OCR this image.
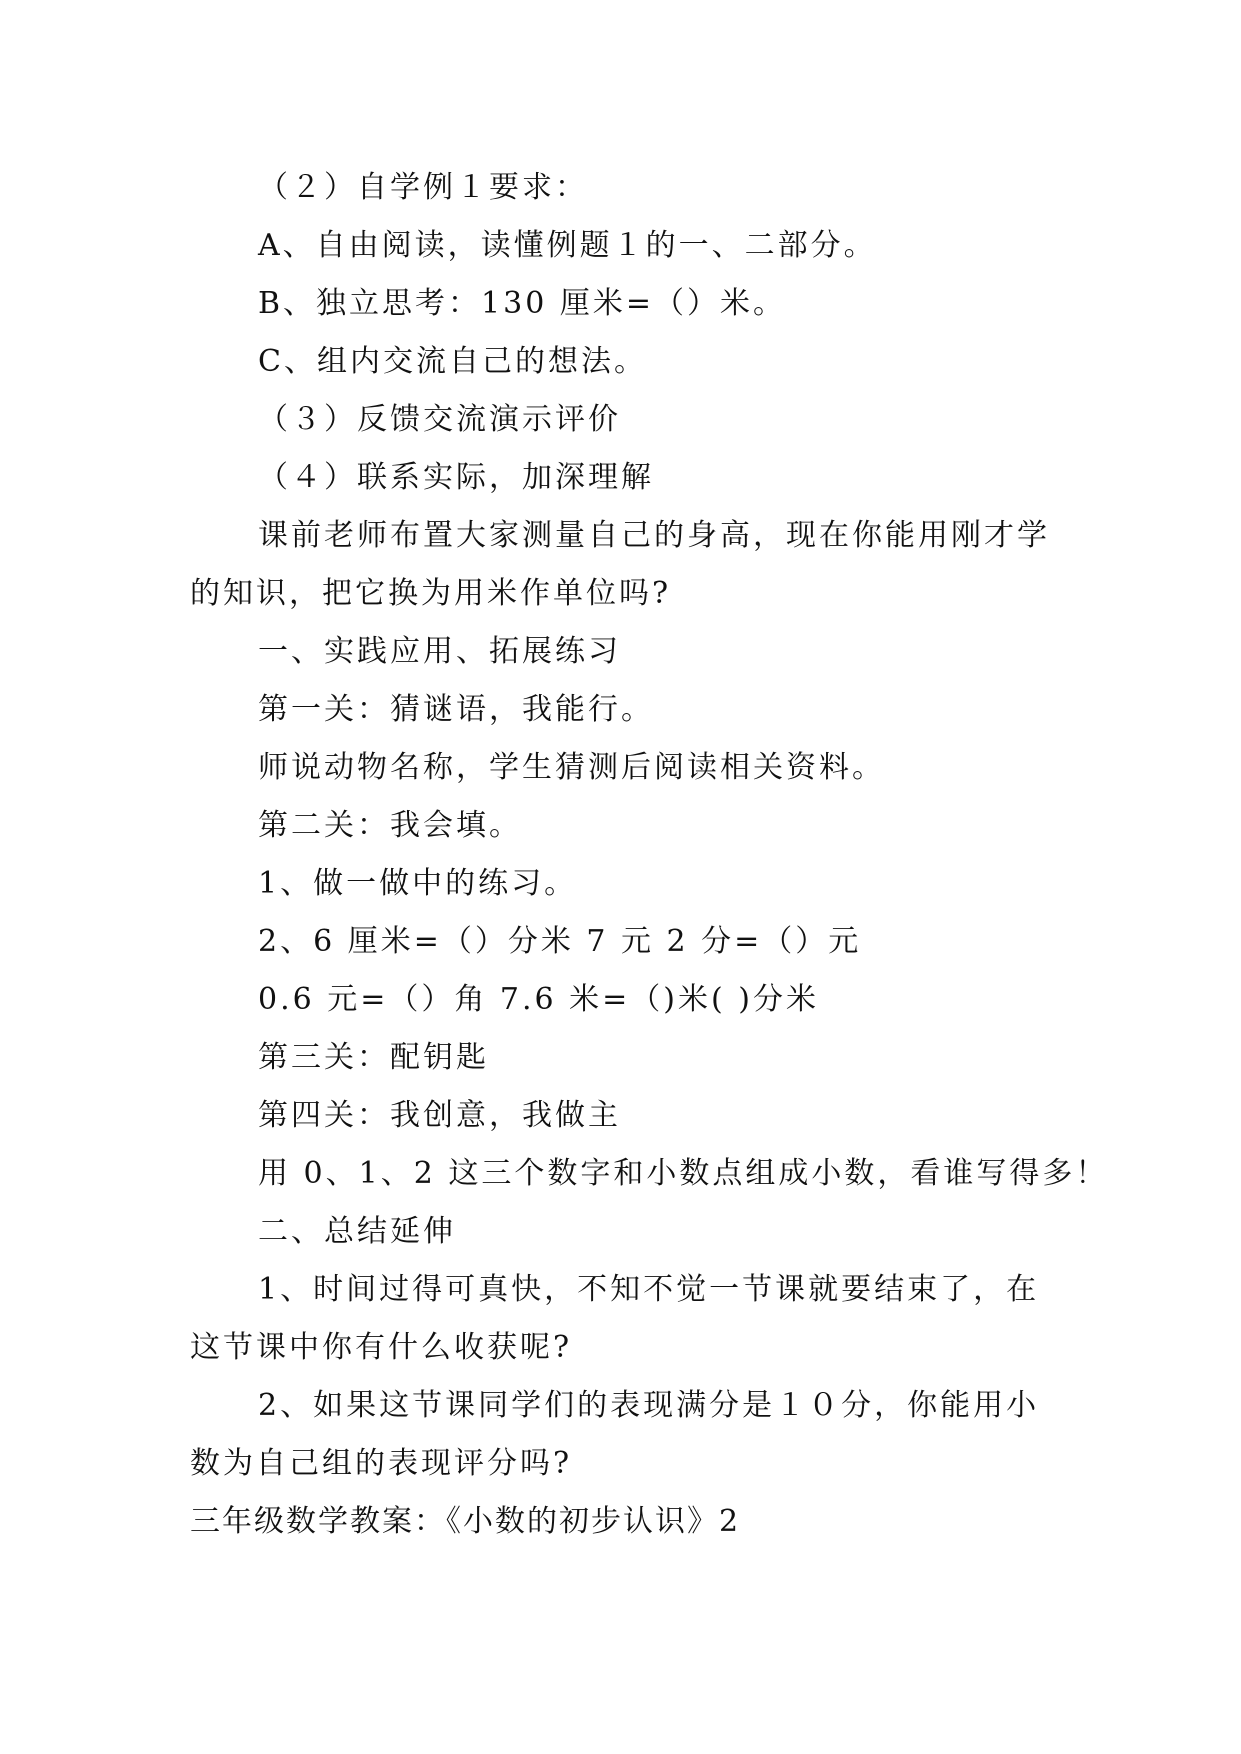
（２）自学例１要求：
A、自由阅读，读懂例题１的一、二部分。
B、独立思考：130 厘米=（）米。
C、组内交流自己的想法。
（３）反馈交流演示评价
（４）联系实际，加深理解
课前老师布置大家测量自己的身高，现在你能用刚才学
的知识，把它换为用米作单位吗?
一、实践应用、拓展练习
第一关：猜谜语，我能行。
师说动物名称，学生猜测后阅读相关资料。
第二关：我会填。
1、做一做中的练习。
2、6 厘米=（）分米 7 元 2 分=（）元
0.6 元=（）角 7.6 米=（)米( )分米
第三关：配钥匙
第四关：我创意，我做主
用 0、1、2 这三个数字和小数点组成小数，看谁写得多！
二、总结延伸
1、时间过得可真快，不知不觉一节课就要结束了，在
这节课中你有什么收获呢?
2、如果这节课同学们的表现满分是１０分，你能用小
数为自己组的表现评分吗?
三年级数学教案：《小数的初步认识》2
